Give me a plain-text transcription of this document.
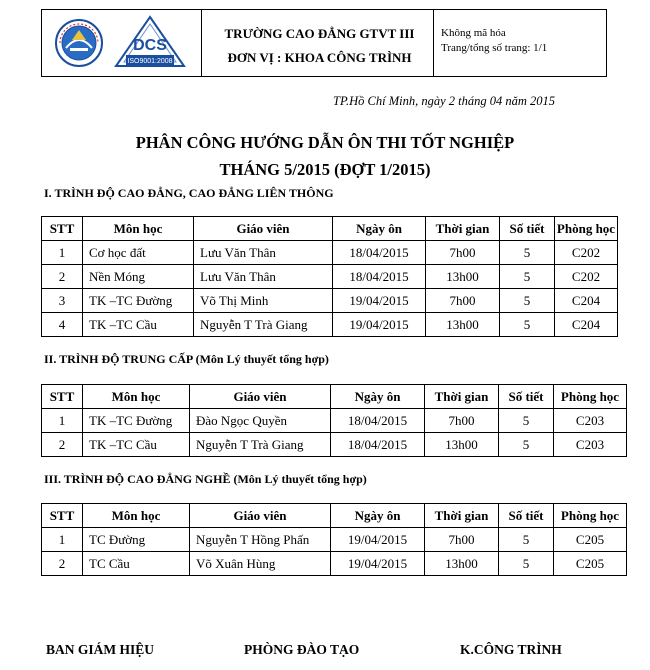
DCS
ISO9001:2008
TRƯỜNG CAO ĐẲNG GTVT III
ĐƠN VỊ : KHOA CÔNG TRÌNH
Không mã hóa
Trang/tổng số trang: 1/1
TP.Hồ Chí Minh, ngày 2 tháng 04 năm 2015
PHÂN CÔNG HƯỚNG DẪN ÔN THI TỐT NGHIỆP
THÁNG 5/2015 (ĐỢT 1/2015)
I. TRÌNH ĐỘ CAO ĐẲNG, CAO ĐẲNG LIÊN THÔNG
STT	Môn học	Giáo viên	Ngày ôn	Thời gian	Số tiết	Phòng học
1	Cơ học đất	Lưu Văn Thân	18/04/2015	7h00	5	C202
2	Nền Móng	Lưu Văn Thân	18/04/2015	13h00	5	C202
3	TK –TC Đường	Võ Thị Minh	19/04/2015	7h00	5	C204
4	TK –TC Cầu	Nguyễn T Trà Giang	19/04/2015	13h00	5	C204
II. TRÌNH ĐỘ TRUNG CẤP (Môn Lý thuyết tổng hợp)
STT	Môn học	Giáo viên	Ngày ôn	Thời gian	Số tiết	Phòng học
1	TK –TC Đường	Đào Ngọc Quyền	18/04/2015	7h00	5	C203
2	TK –TC Cầu	Nguyễn T Trà Giang	18/04/2015	13h00	5	C203
III. TRÌNH ĐỘ CAO ĐẲNG NGHỀ (Môn Lý thuyết tổng hợp)
STT	Môn học	Giáo viên	Ngày ôn	Thời gian	Số tiết	Phòng học
1	TC Đường	Nguyễn T Hồng Phấn	19/04/2015	7h00	5	C205
2	TC Cầu	Võ Xuân Hùng	19/04/2015	13h00	5	C205
BAN GIÁM HIỆU	PHÒNG ĐÀO TẠO	K.CÔNG TRÌNH
